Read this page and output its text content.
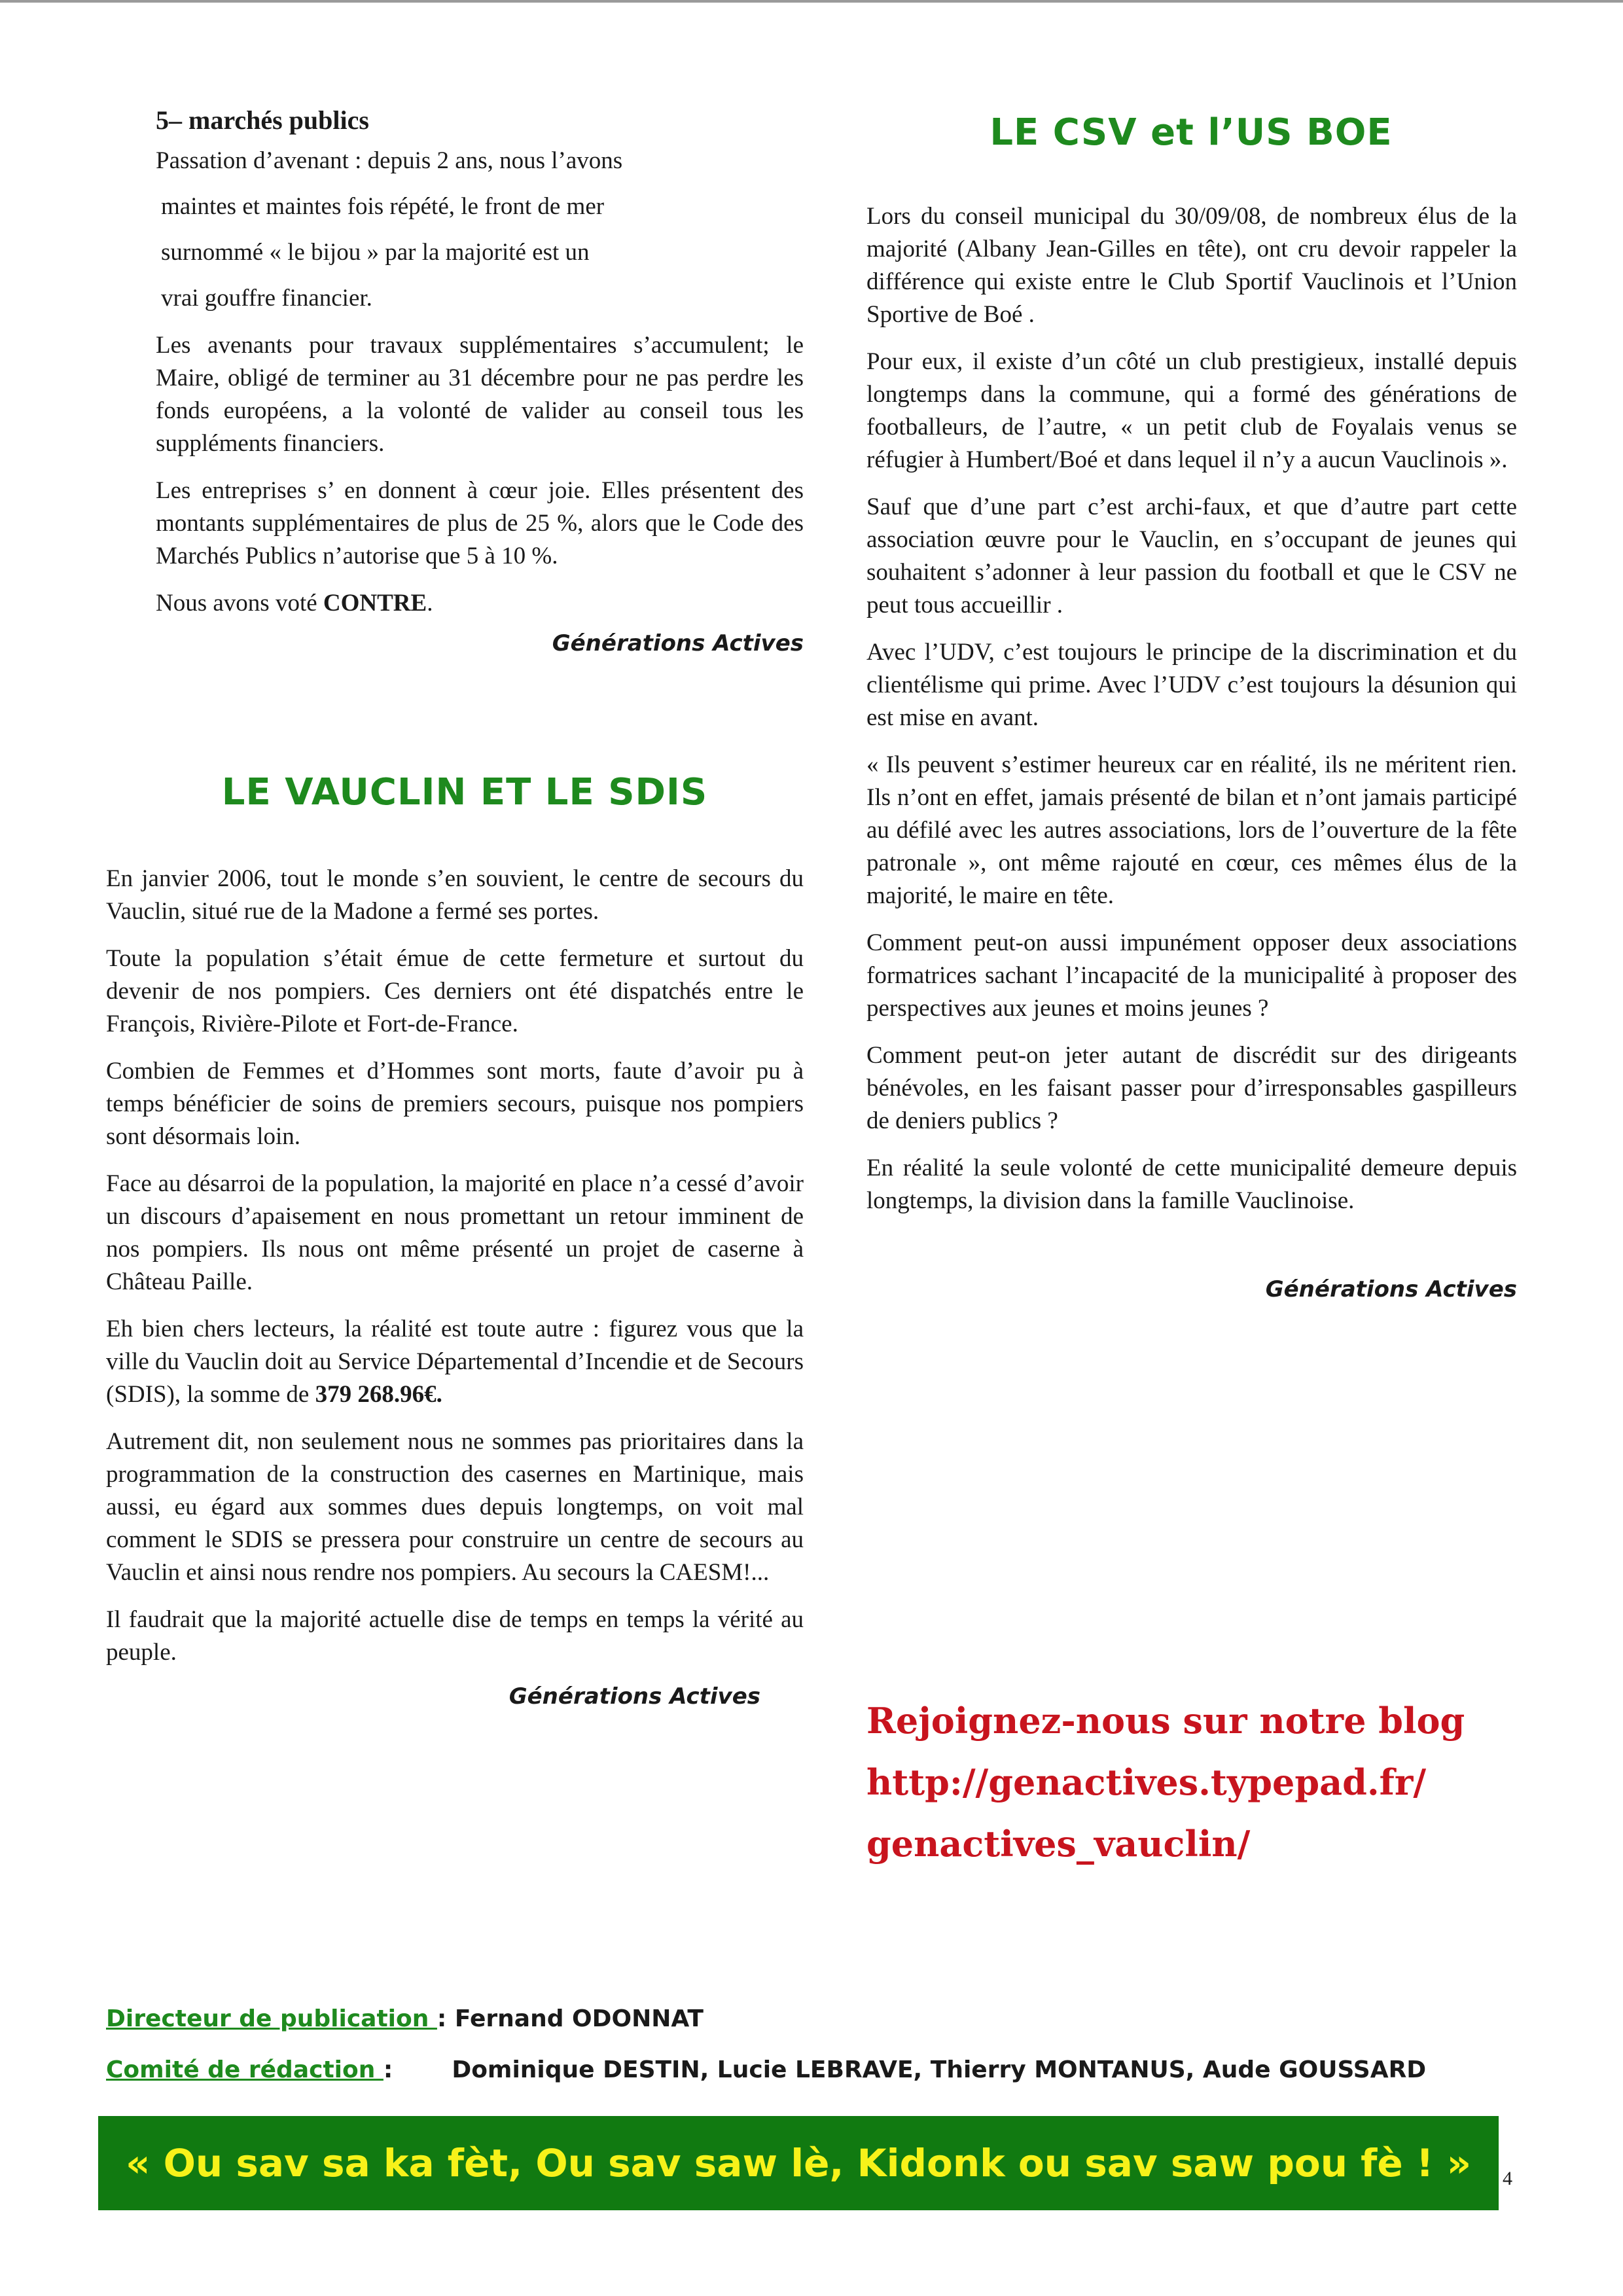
5– marchés publics
Passation d’avenant : depuis 2 ans, nous l’avons
maintes et maintes fois répété, le front de mer
surnommé « le bijou » par la majorité est un
vrai gouffre financier.

Les avenants pour travaux supplémentaires s’accumulent; le Maire, obligé de terminer au 31 décembre pour ne pas perdre les fonds européens, a la volonté de valider au conseil tous les suppléments financiers.

Les entreprises s’ en donnent à cœur joie. Elles présentent des montants supplémentaires de plus de 25 %, alors que le Code des Marchés Publics n’autorise que 5 à 10 %.

Nous avons voté CONTRE.

Générations Actives
LE VAUCLIN ET LE SDIS

En janvier 2006, tout le monde s’en souvient, le centre de secours du Vauclin, situé rue de la Madone a fermé ses portes.

Toute la population s’était émue de cette fermeture et surtout du devenir de nos pompiers. Ces derniers ont été dispatchés entre le François, Rivière-Pilote et Fort-de-France.

Combien de Femmes et d’Hommes sont morts, faute d’avoir pu à temps bénéficier de soins de premiers secours, puisque nos pompiers sont désormais loin.

Face au désarroi de la population, la majorité en place n’a cessé d’avoir un discours d’apaisement en nous promettant un retour imminent de nos pompiers. Ils nous ont même présenté un projet de caserne à Château Paille.

Eh bien chers lecteurs, la réalité est toute autre : figurez vous que la ville du Vauclin doit au Service Départemental d’Incendie et de Secours (SDIS), la somme de 379 268.96€.

Autrement dit, non seulement nous ne sommes pas prioritaires dans la programmation de la construction des casernes en Martinique, mais aussi, eu égard aux sommes dues depuis longtemps, on voit mal comment le SDIS se pressera pour construire un centre de secours au Vauclin et ainsi nous rendre nos pompiers. Au secours la CAESM!...

Il faudrait que la majorité actuelle dise de temps en temps la vérité au peuple.

Générations Actives
LE CSV et l’US BOE

Lors du conseil municipal du 30/09/08, de nombreux élus de la majorité (Albany Jean-Gilles en tête), ont cru devoir rappeler la différence qui existe entre le Club Sportif Vauclinois et l’Union Sportive de Boé .

Pour eux, il existe d’un côté un club prestigieux, installé depuis longtemps dans la commune, qui a formé des générations de footballeurs, de l’autre, « un petit club de Foyalais venus se réfugier à Humbert/Boé et dans lequel il n’y a aucun Vauclinois ».

Sauf que d’une part c’est archi-faux, et que d’autre part cette association œuvre pour le Vauclin, en s’occupant de jeunes qui souhaitent s’adonner à leur passion du football et que le CSV ne peut tous accueillir .

Avec l’UDV, c’est toujours le principe de la discrimination et du clientélisme qui prime. Avec l’UDV c’est toujours la désunion qui est mise en avant.

« Ils peuvent s’estimer heureux car en réalité, ils ne méritent rien. Ils n’ont en effet, jamais présenté de bilan et n’ont jamais participé au défilé avec les autres associations, lors de l’ouverture de la fête patronale », ont même rajouté en cœur, ces mêmes élus de la majorité, le maire en tête.

Comment peut-on aussi impunément opposer deux associations formatrices sachant l’incapacité de la municipalité à proposer des perspectives aux jeunes et moins jeunes ?

Comment peut-on jeter autant de discrédit sur des dirigeants bénévoles, en les faisant passer pour d’irresponsables gaspilleurs de deniers publics ?

En réalité la seule volonté de cette municipalité demeure depuis longtemps, la division dans la famille Vauclinoise.

Générations Actives
Rejoignez-nous sur notre blog
http://genactives.typepad.fr/
genactives_vauclin/
Directeur de publication : Fernand ODONNAT
Comité de rédaction :	Dominique DESTIN, Lucie LEBRAVE, Thierry MONTANUS, Aude GOUSSARD
« Ou sav sa ka fèt, Ou sav saw lè, Kidonk ou sav saw pou fè ! » 4
